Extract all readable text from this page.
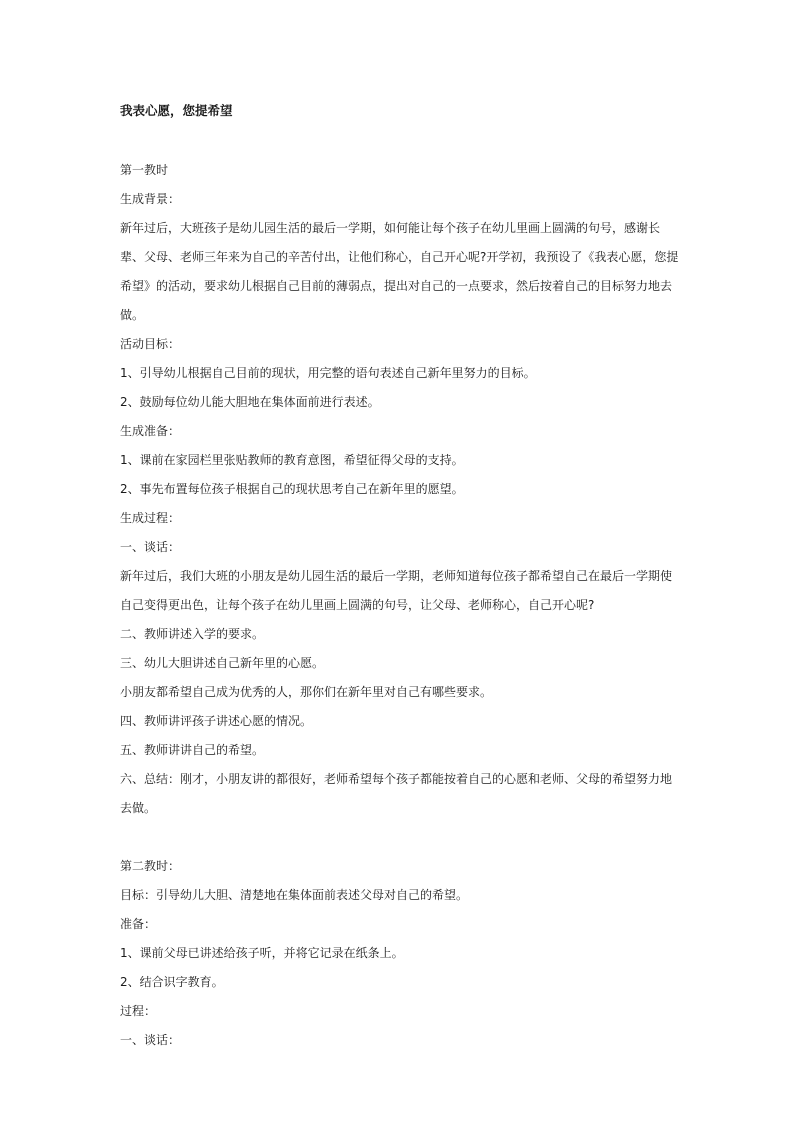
我表心愿，您提希望

第一教时

生成背景：

新年过后，大班孩子是幼儿园生活的最后一学期，如何能让每个孩子在幼儿里画上圆满的句号，感谢长辈、父母、老师三年来为自己的辛苦付出，让他们称心，自己开心呢?开学初，我预设了《我表心愿，您提希望》的活动，要求幼儿根据自己目前的薄弱点，提出对自己的一点要求，然后按着自己的目标努力地去做。

活动目标：

1、引导幼儿根据自己目前的现状，用完整的语句表述自己新年里努力的目标。

2、鼓励每位幼儿能大胆地在集体面前进行表述。

生成准备：

1、课前在家园栏里张贴教师的教育意图，希望征得父母的支持。

2、事先布置每位孩子根据自己的现状思考自己在新年里的愿望。

生成过程：

一、谈话：

新年过后，我们大班的小朋友是幼儿园生活的最后一学期，老师知道每位孩子都希望自己在最后一学期使自己变得更出色，让每个孩子在幼儿里画上圆满的句号，让父母、老师称心，自己开心呢?

二、教师讲述入学的要求。

三、幼儿大胆讲述自己新年里的心愿。

小朋友都希望自己成为优秀的人，那你们在新年里对自己有哪些要求。

四、教师讲评孩子讲述心愿的情况。

五、教师讲讲自己的希望。

六、总结：刚才，小朋友讲的都很好，老师希望每个孩子都能按着自己的心愿和老师、父母的希望努力地去做。

第二教时：

目标：引导幼儿大胆、清楚地在集体面前表述父母对自己的希望。

准备：

1、课前父母已讲述给孩子听，并将它记录在纸条上。

2、结合识字教育。

过程：

一、谈话：
